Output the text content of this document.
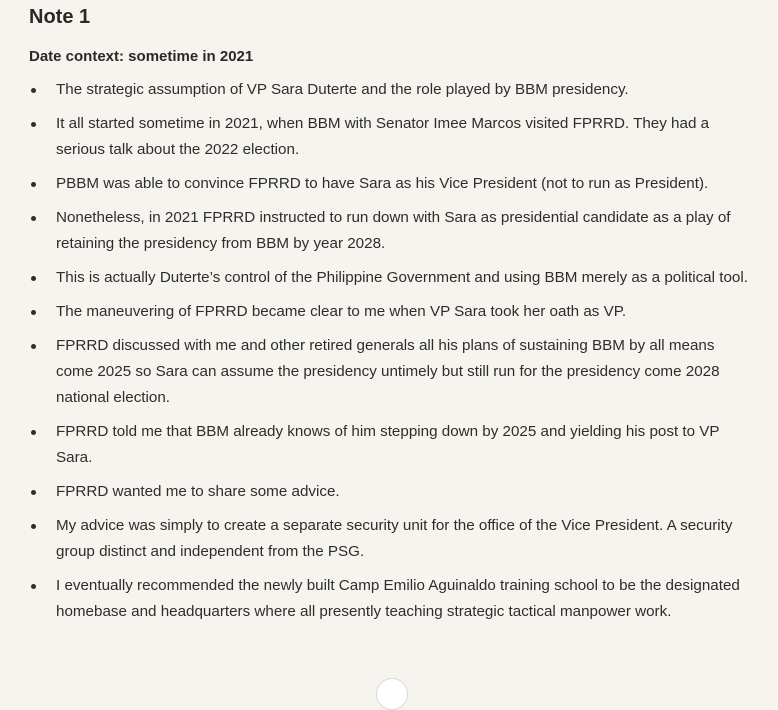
Note 1
Date context: sometime in 2021
The strategic assumption of VP Sara Duterte and the role played by BBM presidency.
It all started sometime in 2021, when BBM with Senator Imee Marcos visited FPRRD. They had a serious talk about the 2022 election.
PBBM was able to convince FPRRD to have Sara as his Vice President (not to run as President).
Nonetheless, in 2021 FPRRD instructed to run down with Sara as presidential candidate as a play of retaining the presidency from BBM by year 2028.
This is actually Duterte’s control of the Philippine Government and using BBM merely as a political tool.
The maneuvering of FPRRD became clear to me when VP Sara took her oath as VP.
FPRRD discussed with me and other retired generals all his plans of sustaining BBM by all means come 2025 so Sara can assume the presidency untimely but still run for the presidency come 2028 national election.
FPRRD told me that BBM already knows of him stepping down by 2025 and yielding his post to VP Sara.
FPRRD wanted me to share some advice.
My advice was simply to create a separate security unit for the office of the Vice President. A security group distinct and independent from the PSG.
I eventually recommended the newly built Camp Emilio Aguinaldo training school to be the designated homebase and headquarters where all presently teaching strategic tactical manpower work.
